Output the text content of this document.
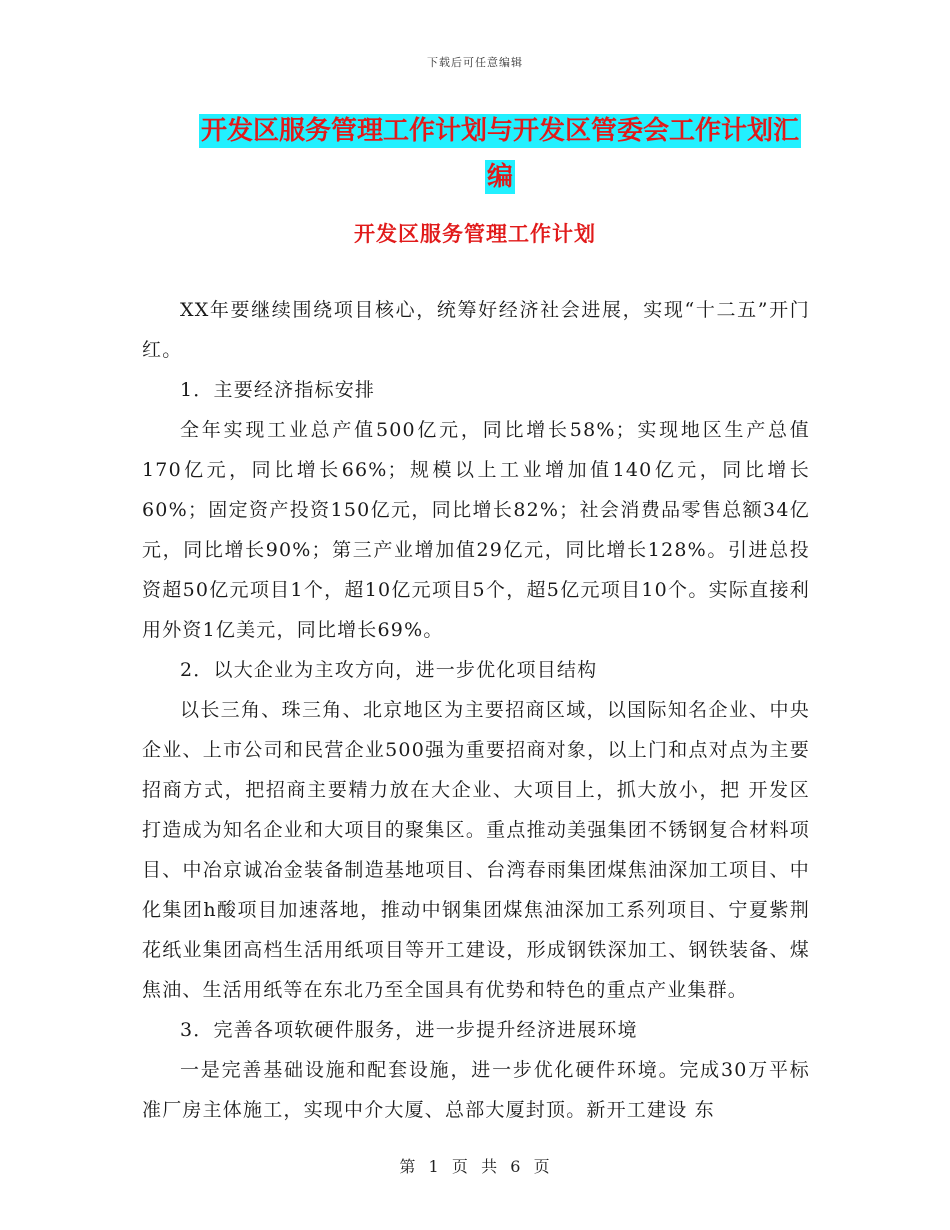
下载后可任意编辑
开发区服务管理工作计划与开发区管委会工作计划汇
编
开发区服务管理工作计划

XX年要继续围绕项目核心，统筹好经济社会进展，实现“十二五”开门红。

1．主要经济指标安排

全年实现工业总产值500亿元，同比增长58%；实现地区生产总值170亿元，同比增长66%；规模以上工业增加值140亿元，同比增长60%；固定资产投资150亿元，同比增长82%；社会消费品零售总额34亿元，同比增长90%；第三产业增加值29亿元，同比增长128%。引进总投资超50亿元项目1个，超10亿元项目5个，超5亿元项目10个。实际直接利用外资1亿美元，同比增长69%。

2．以大企业为主攻方向，进一步优化项目结构

以长三角、珠三角、北京地区为主要招商区域，以国际知名企业、中央企业、上市公司和民营企业500强为重要招商对象，以上门和点对点为主要招商方式，把招商主要精力放在大企业、大项目上，抓大放小，把 开发区打造成为知名企业和大项目的聚集区。重点推动美强集团不锈钢复合材料项目、中冶京诚冶金装备制造基地项目、台湾春雨集团煤焦油深加工项目、中化集团h酸项目加速落地，推动中钢集团煤焦油深加工系列项目、宁夏紫荆花纸业集团高档生活用纸项目等开工建设，形成钢铁深加工、钢铁装备、煤焦油、生活用纸等在东北乃至全国具有优势和特色的重点产业集群。

3．完善各项软硬件服务，进一步提升经济进展环境

一是完善基础设施和配套设施，进一步优化硬件环境。完成30万平标准厂房主体施工，实现中介大厦、总部大厦封顶。新开工建设 东

第  1  页  共  6  页
